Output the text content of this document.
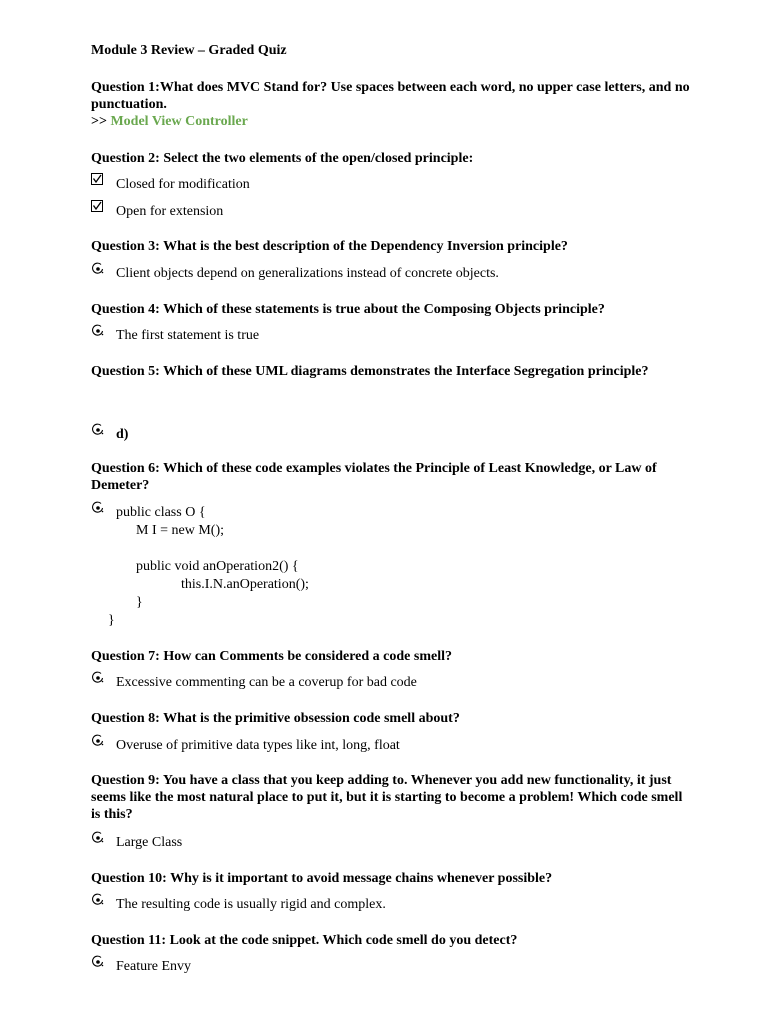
Module 3 Review – Graded Quiz
Question 1:What does MVC Stand for? Use spaces between each word, no upper case letters, and no punctuation.
>> Model View Controller
Question 2: Select the two elements of the open/closed principle:
Closed for modification
Open for extension
Question 3: What is the best description of the Dependency Inversion principle?
Client objects depend on generalizations instead of concrete objects.
Question 4: Which of these statements is true about the Composing Objects principle?
The first statement is true
Question 5: Which of these UML diagrams demonstrates the Interface Segregation principle?
d)
Question 6: Which of these code examples violates the Principle of Least Knowledge, or Law of Demeter?

public class O {

M I = new M();

public void anOperation2() {

this.I.N.anOperation();

}

}

Question 7: How can Comments be considered a code smell?
Excessive commenting can be a coverup for bad code
Question 8: What is the primitive obsession code smell about?
Overuse of primitive data types like int, long, float
Question 9: You have a class that you keep adding to. Whenever you add new functionality, it just seems like the most natural place to put it, but it is starting to become a problem! Which code smell is this?
Large Class
Question 10: Why is it important to avoid message chains whenever possible?
The resulting code is usually rigid and complex.
Question 11: Look at the code snippet. Which code smell do you detect?
Feature Envy
